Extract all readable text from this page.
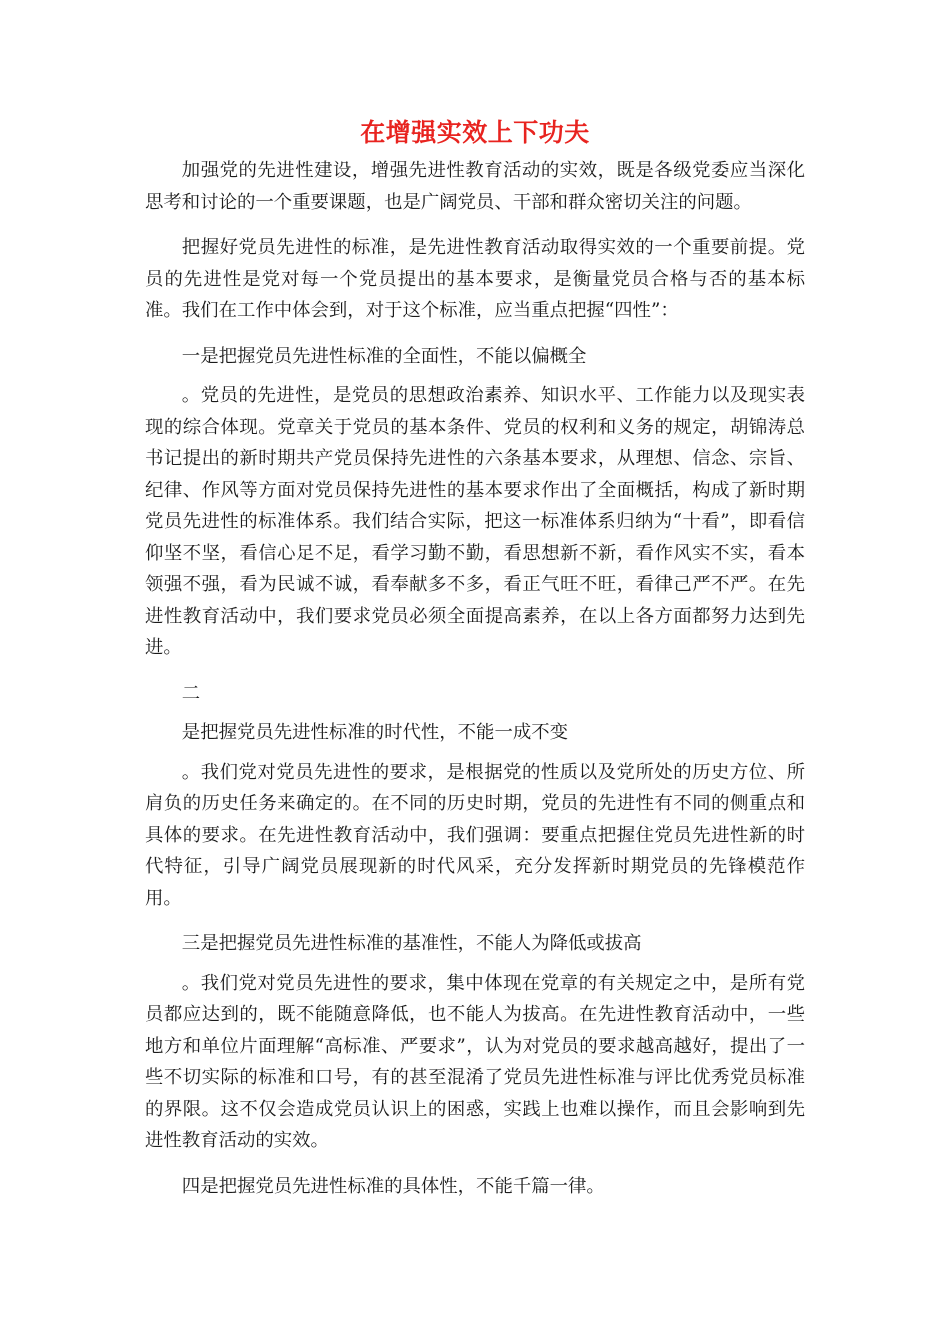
在增强实效上下功夫

加强党的先进性建设，增强先进性教育活动的实效，既是各级党委应当深化思考和讨论的一个重要课题，也是广阔党员、干部和群众密切关注的问题。

把握好党员先进性的标准，是先进性教育活动取得实效的一个重要前提。党员的先进性是党对每一个党员提出的基本要求，是衡量党员合格与否的基本标准。我们在工作中体会到，对于这个标准，应当重点把握“四性”：

一是把握党员先进性标准的全面性，不能以偏概全

。党员的先进性，是党员的思想政治素养、知识水平、工作能力以及现实表现的综合体现。党章关于党员的基本条件、党员的权利和义务的规定，胡锦涛总书记提出的新时期共产党员保持先进性的六条基本要求，从理想、信念、宗旨、纪律、作风等方面对党员保持先进性的基本要求作出了全面概括，构成了新时期党员先进性的标准体系。我们结合实际，把这一标准体系归纳为“十看”，即看信仰坚不坚，看信心足不足，看学习勤不勤，看思想新不新，看作风实不实，看本领强不强，看为民诚不诚，看奉献多不多，看正气旺不旺，看律己严不严。在先进性教育活动中，我们要求党员必须全面提高素养，在以上各方面都努力达到先进。

二

是把握党员先进性标准的时代性，不能一成不变

。我们党对党员先进性的要求，是根据党的性质以及党所处的历史方位、所肩负的历史任务来确定的。在不同的历史时期，党员的先进性有不同的侧重点和具体的要求。在先进性教育活动中，我们强调：要重点把握住党员先进性新的时代特征，引导广阔党员展现新的时代风采，充分发挥新时期党员的先锋模范作用。

三是把握党员先进性标准的基准性，不能人为降低或拔高

。我们党对党员先进性的要求，集中体现在党章的有关规定之中，是所有党员都应达到的，既不能随意降低，也不能人为拔高。在先进性教育活动中，一些地方和单位片面理解“高标准、严要求”，认为对党员的要求越高越好，提出了一些不切实际的标准和口号，有的甚至混淆了党员先进性标准与评比优秀党员标准的界限。这不仅会造成党员认识上的困惑，实践上也难以操作，而且会影响到先进性教育活动的实效。

四是把握党员先进性标准的具体性，不能千篇一律。
